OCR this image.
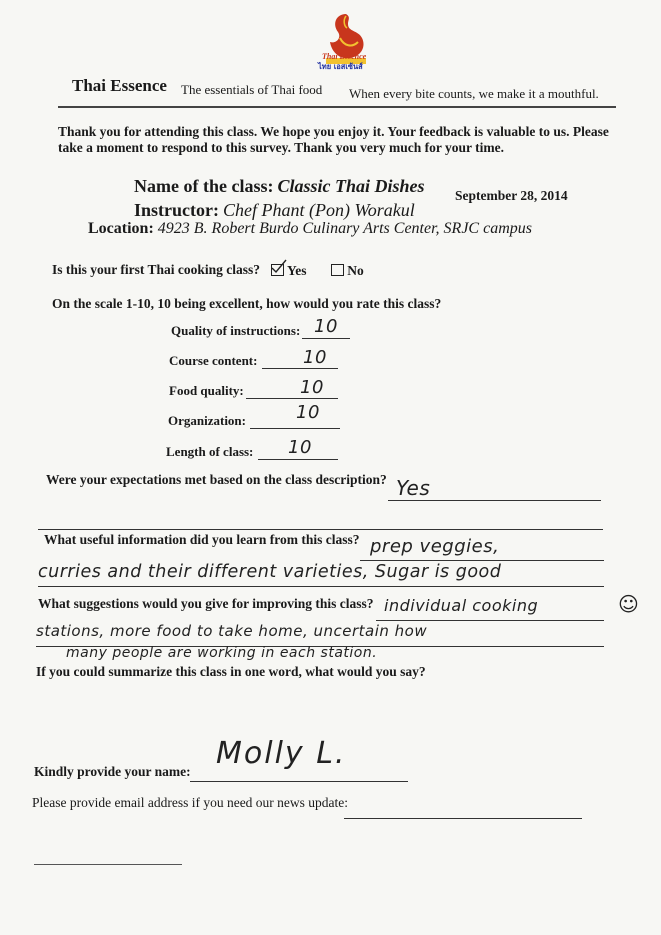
Thai Essence
ไทย เอสเซ้นส์
Thai Essence The essentials of Thai food When every bite counts, we make it a mouthful.
Thank you for attending this class. We hope you enjoy it. Your feedback is valuable to us. Please take a moment to respond to this survey. Thank you very much for your time.
Name of the class: Classic Thai Dishes September 28, 2014
Instructor: Chef Phant (Pon) Worakul
Location: 4923 B. Robert Burdo Culinary Arts Center, SRJC campus
Is this your first Thai cooking class?	Yes	No
On the scale 1-10, 10 being excellent, how would you rate this class?
Quality of instructions: 10
Course content:	10
Food quality:	10
Organization:	10
Length of class: 10
Were your expectations met based on the class description? Yes
What useful information did you learn from this class? prep veggies,
curries and their different varieties, Sugar is good
☺
What suggestions would you give for improving this class? individual cooking
stations, more food to take home, uncertain how
many people are working in each station.
If you could summarize this class in one word, what would you say?
Kindly provide your name:
Molly L.
Please provide email address if you need our news update:
